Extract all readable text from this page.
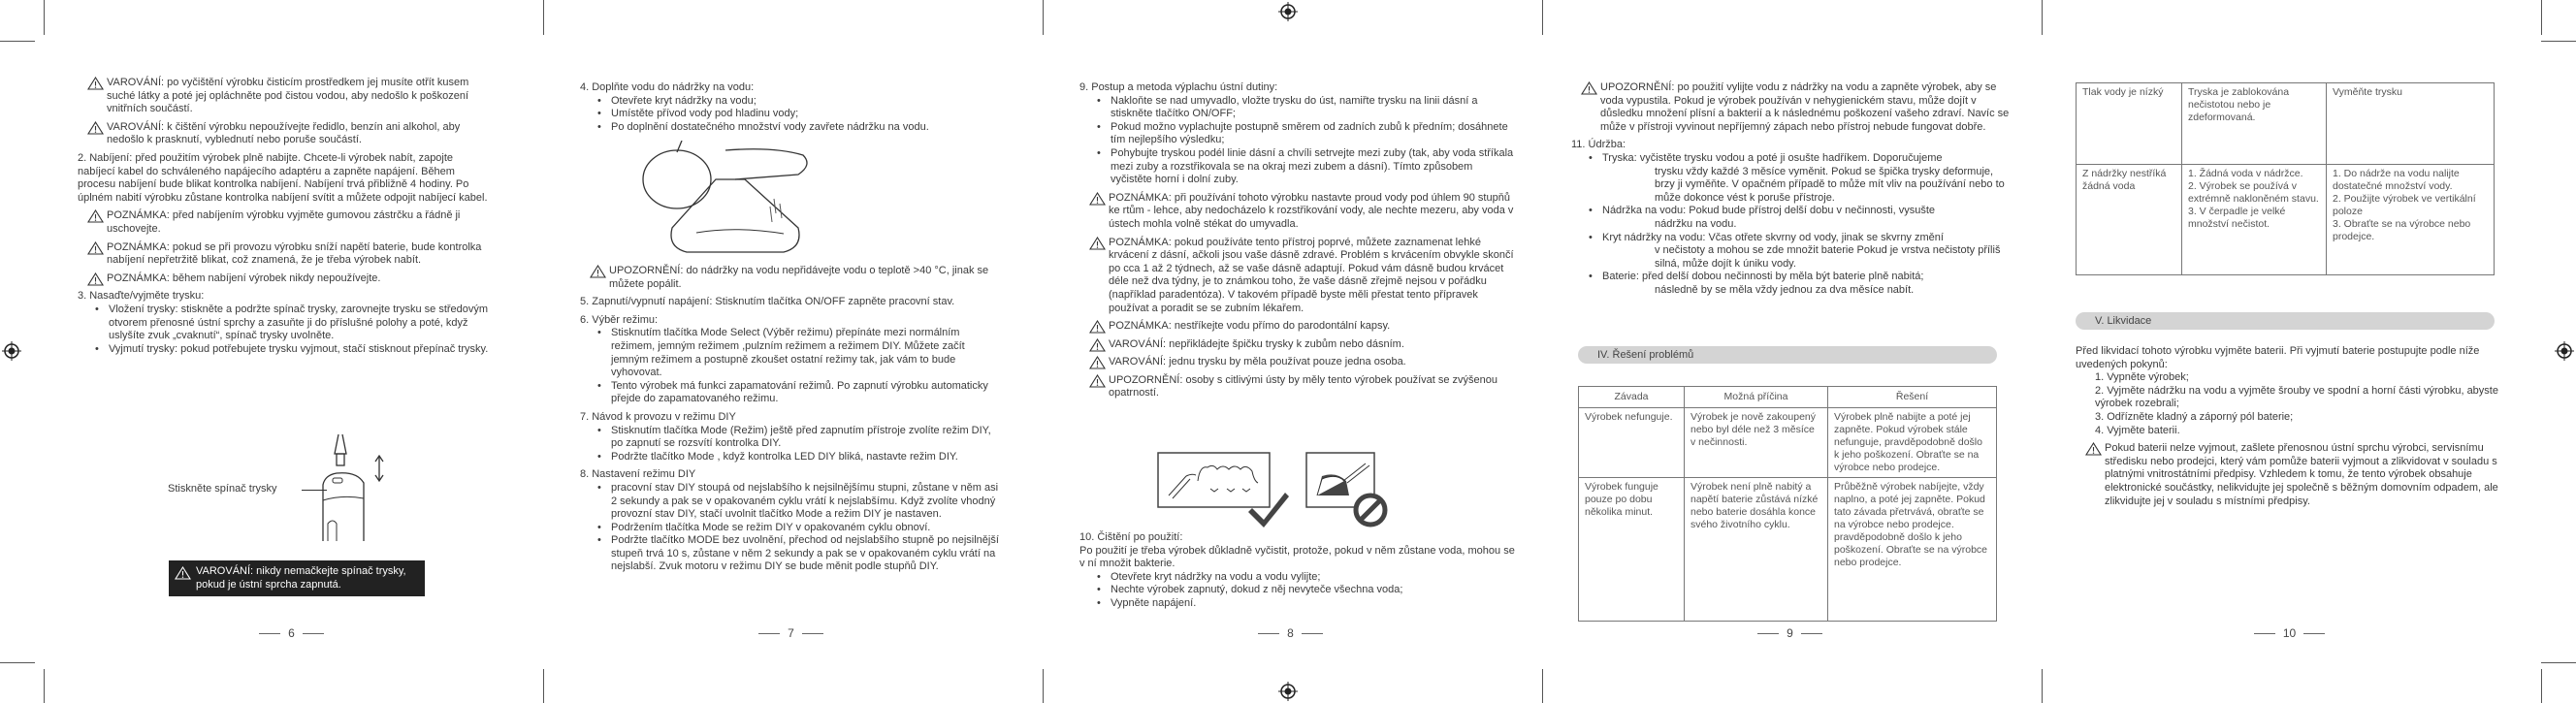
VAROVÁNÍ: po vyčištění výrobku čisticím prostředkem jej musíte otřít kusem suché látky a poté jej opláchněte pod čistou vodou, aby nedošlo k poškození vnitřních součástí.
VAROVÁNÍ: k čištění výrobku nepoužívejte ředidlo, benzín ani alkohol, aby nedošlo k prasknutí, vyblednutí nebo poruše součástí.
2. Nabíjení: před použitím výrobek plně nabijte. Chcete-li výrobek nabít, zapojte nabíjecí kabel do schváleného napájecího adaptéru a zapněte napájení. Během procesu nabíjení bude blikat kontrolka nabíjení. Nabíjení trvá přibližně 4 hodiny. Po úplném nabití výrobku zůstane kontrolka nabíjení svítit a můžete odpojit nabíjecí kabel.
POZNÁMKA: před nabíjením výrobku vyjměte gumovou zástrčku a řádně ji uschovejte.
POZNÁMKA: pokud se při provozu výrobku sníží napětí baterie, bude kontrolka nabíjení nepřetržitě blikat, což znamená, že je třeba výrobek nabít.
POZNÁMKA: během nabíjení výrobek nikdy nepoužívejte.
3. Nasaďte/vyjměte trysku:
• Vložení trysky: stiskněte a podržte spínač trysky, zarovnejte trysku se středovým otvorem přenosné ústní sprchy a zasuňte ji do příslušné polohy a poté, když uslyšíte zvuk „cvaknutí“, spínač trysky uvolněte.
• Vyjmutí trysky: pokud potřebujete trysku vyjmout, stačí stisknout přepínač trysky.
Stiskněte spínač trysky
VAROVÁNÍ: nikdy nemačkejte spínač trysky, pokud je ústní sprcha zapnutá.
6
4. Doplňte vodu do nádržky na vodu:
• Otevřete kryt nádržky na vodu;
• Umístěte přívod vody pod hladinu vody;
• Po doplnění dostatečného množství vody zavřete nádržku na vodu.
UPOZORNĚNÍ: do nádržky na vodu nepřidávejte vodu o teplotě >40 °C, jinak se můžete popálit.
5. Zapnutí/vypnutí napájení: Stisknutím tlačítka ON/OFF zapněte pracovní stav.
6. Výběr režimu:
• Stisknutím tlačítka Mode Select (Výběr režimu) přepínáte mezi normálním režimem, jemným režimem ,pulzním režimem a režimem DIY. Můžete začít jemným režimem a postupně zkoušet ostatní režimy tak, jak vám to bude vyhovovat.
• Tento výrobek má funkci zapamatování režimů. Po zapnutí výrobku automaticky přejde do zapamatovaného režimu.
7. Návod k provozu v režimu DIY
• Stisknutím tlačítka Mode (Režim) ještě před zapnutím přístroje zvolíte režim DIY, po zapnutí se rozsvítí kontrolka DIY.
• Podržte tlačítko Mode , když kontrolka LED DIY bliká, nastavte režim DIY.
8. Nastavení režimu DIY
• pracovní stav DIY stoupá od nejslabšího k nejsilnějšímu stupni, zůstane v něm asi 2 sekundy a pak se v opakovaném cyklu vrátí k nejslabšímu. Když zvolíte vhodný provozní stav DIY, stačí uvolnit tlačítko Mode a režim DIY je nastaven.
• Podržením tlačítka Mode se režim DIY v opakovaném cyklu obnoví.
• Podržte tlačítko MODE bez uvolnění, přechod od nejslabšího stupně po nejsilnější stupeň trvá 10 s, zůstane v něm 2 sekundy a pak se v opakovaném cyklu vrátí na nejslabší. Zvuk motoru v režimu DIY se bude měnit podle stupňů DIY.
7
9. Postup a metoda výplachu ústní dutiny:
• Nakloňte se nad umyvadlo, vložte trysku do úst, namiřte trysku na linii dásní a stiskněte tlačítko ON/OFF;
• Pokud možno vyplachujte postupně směrem od zadních zubů k předním; dosáhnete tím nejlepšího výsledku;
• Pohybujte tryskou podél linie dásní a chvíli setrvejte mezi zuby (tak, aby voda stříkala mezi zuby a rozstřikovala se na okraj mezi zubem a dásní). Tímto způsobem vyčistěte horní i dolní zuby.
POZNÁMKA: při používání tohoto výrobku nastavte proud vody pod úhlem 90 stupňů ke rtům - lehce, aby nedocházelo k rozstřikování vody, ale nechte mezeru, aby voda v ústech mohla volně stékat do umyvadla.
POZNÁMKA: pokud používáte tento přístroj poprvé, můžete zaznamenat lehké krvácení z dásní, ačkoli jsou vaše dásně zdravé. Problém s krvácením obvykle skončí po cca 1 až 2 týdnech, až se vaše dásně adaptují. Pokud vám dásně budou krvácet déle než dva týdny, je to známkou toho, že vaše dásně zřejmě nejsou v pořádku (například paradentóza). V takovém případě byste měli přestat tento přípravek používat a poradit se se zubním lékařem.
POZNÁMKA: nestříkejte vodu přímo do parodontální kapsy.
VAROVÁNÍ: nepřikládejte špičku trysky k zubům nebo dásním.
VAROVÁNÍ: jednu trysku by měla používat pouze jedna osoba.
UPOZORNĚNÍ: osoby s citlivými ústy by měly tento výrobek používat se zvýšenou opatrností.
10. Čištění po použití:
Po použití je třeba výrobek důkladně vyčistit, protože, pokud v něm zůstane voda, mohou se v ní množit bakterie.
• Otevřete kryt nádržky na vodu a vodu vylijte;
• Nechte výrobek zapnutý, dokud z něj nevyteče všechna voda;
• Vypněte napájení.
8
UPOZORNĚNÍ: po použití vylijte vodu z nádržky na vodu a zapněte výrobek, aby se voda vypustila. Pokud je výrobek používán v nehygienickém stavu, může dojít v důsledku množení plísní a bakterií a k následnému poškození vašeho zdraví. Navíc se může v přístroji vyvinout nepříjemný zápach nebo přístroj nebude fungovat dobře.
11. Údržba:
• Tryska: vyčistěte trysku vodou a poté ji osušte hadříkem. Doporučujeme
trysku vždy každé 3 měsíce vyměnit. Pokud se špička trysky deformuje, brzy ji vyměňte. V opačném případě to může mít vliv na používání nebo to může dokonce vést k poruše přístroje.
• Nádržka na vodu: Pokud bude přístroj delší dobu v nečinnosti, vysušte
nádržku na vodu.
• Kryt nádržky na vodu: Včas otřete skvrny od vody, jinak se skvrny změní
v nečistoty a mohou se zde množit baterie Pokud je vrstva nečistoty příliš silná, může dojít k úniku vody.
• Baterie: před delší dobou nečinnosti by měla být baterie plně nabitá;
následně by se měla vždy jednou za dva měsíce nabít.
IV. Řešení problémů
Závada	Možná příčina	Řešení
Výrobek nefunguje.	Výrobek je nově zakoupený nebo byl déle než 3 měsíce v nečinnosti.	Výrobek plně nabijte a poté jej zapněte. Pokud výrobek stále nefunguje, pravděpodobně došlo k jeho poškození. Obraťte se na výrobce nebo prodejce.
Výrobek funguje pouze po dobu několika minut.	Výrobek není plně nabitý a napětí baterie zůstává nízké nebo baterie dosáhla konce svého životního cyklu.	Průběžně výrobek nabíjejte, vždy naplno, a poté jej zapněte. Pokud tato závada přetrvává, obraťte se na výrobce nebo prodejce. pravděpodobně došlo k jeho poškození. Obraťte se na výrobce nebo prodejce.
9
Tlak vody je nízký	Tryska je zablokována nečistotou nebo je zdeformovaná.	Vyměňte trysku
Z nádržky nestříká žádná voda	1. Žádná voda v nádržce.
2. Výrobek se používá v extrémně nakloněném stavu.
3. V čerpadle je velké množství nečistot.	1. Do nádrže na vodu nalijte dostatečné množství vody.
2. Použijte výrobek ve vertikální poloze
3. Obraťte se na výrobce nebo prodejce.
V. Likvidace
Před likvidací tohoto výrobku vyjměte baterii. Při vyjmutí baterie postupujte podle níže uvedených pokynů:
1. Vypněte výrobek;
2. Vyjměte nádržku na vodu a vyjměte šrouby ve spodní a horní části výrobku, abyste výrobek rozebrali;
3. Odřízněte kladný a záporný pól baterie;
4. Vyjměte baterii.
Pokud baterii nelze vyjmout, zašlete přenosnou ústní sprchu výrobci, servisnímu středisku nebo prodejci, který vám pomůže baterii vyjmout a zlikvidovat v souladu s platnými vnitrostátními předpisy. Vzhledem k tomu, že tento výrobek obsahuje elektronické součástky, nelikvidujte jej společně s běžným domovním odpadem, ale zlikvidujte jej v souladu s místními předpisy.
10
